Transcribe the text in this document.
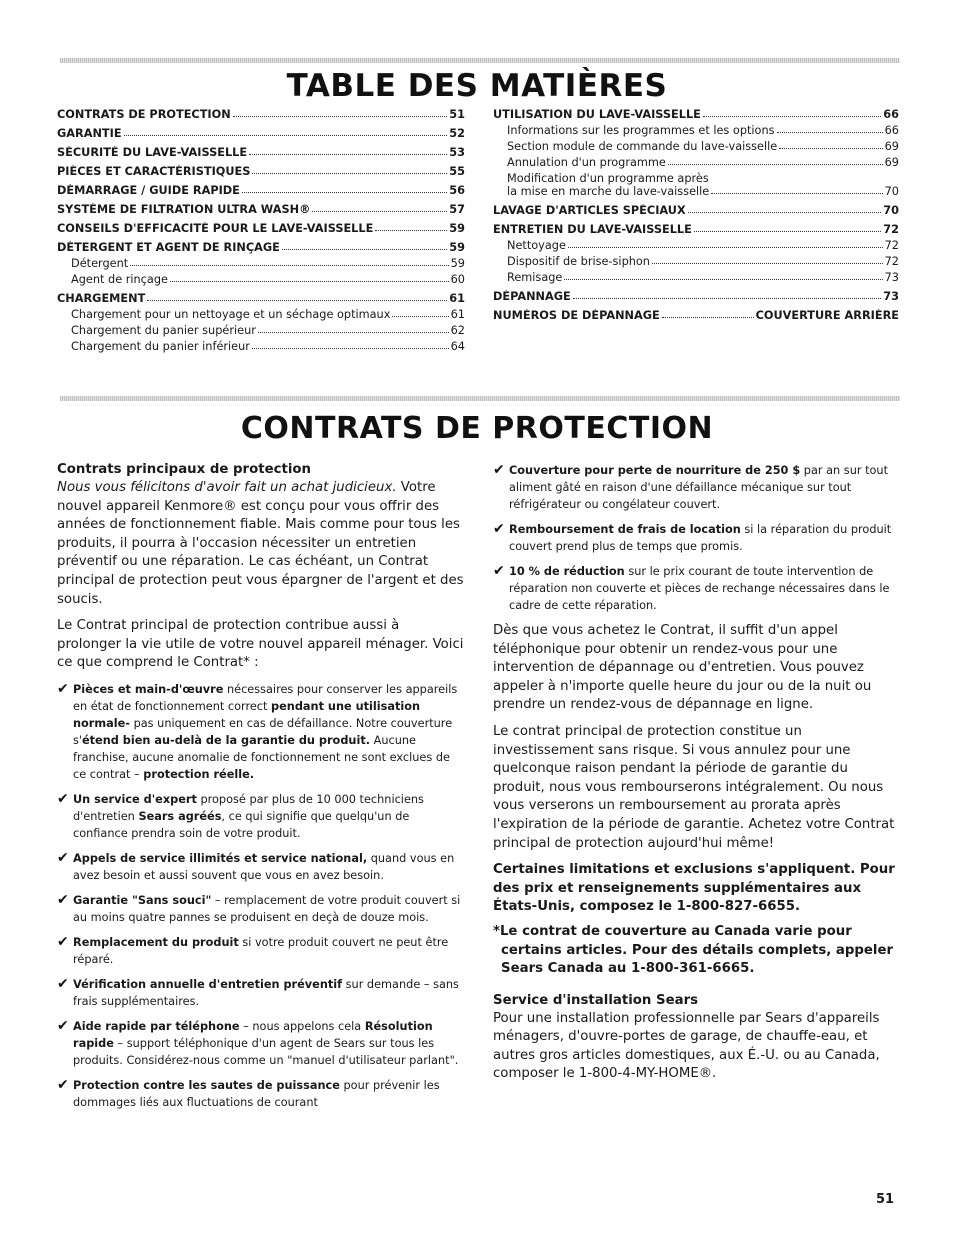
TABLE DES MATIÈRES
CONTRATS DE PROTECTION	51
GARANTIE	52
SÉCURITÉ DU LAVE-VAISSELLE	53
PIÈCES ET CARACTÉRISTIQUES	55
DÉMARRAGE / GUIDE RAPIDE	56
SYSTÈME DE FILTRATION ULTRA WASH®	57
CONSEILS D'EFFICACITÉ POUR LE LAVE-VAISSELLE	59
DÉTERGENT ET AGENT DE RINÇAGE	59
Détergent	59
Agent de rinçage	60
CHARGEMENT	61
Chargement pour un nettoyage et un séchage optimaux	61
Chargement du panier supérieur	62
Chargement du panier inférieur	64
UTILISATION DU LAVE-VAISSELLE	66
Informations sur les programmes et les options	66
Section module de commande du lave-vaisselle	69
Annulation d'un programme	69
Modification d'un programme après
la mise en marche du lave-vaisselle	70
LAVAGE D'ARTICLES SPÉCIAUX	70
ENTRETIEN DU LAVE-VAISSELLE	72
Nettoyage	72
Dispositif de brise-siphon	72
Remisage	73
DÉPANNAGE	73
NUMÉROS DE DÉPANNAGE	COUVERTURE ARRIÈRE
CONTRATS DE PROTECTION
Contrats principaux de protection

Nous vous félicitons d'avoir fait un achat judicieux. Votre nouvel appareil Kenmore® est conçu pour vous offrir des années de fonctionnement fiable. Mais comme pour tous les produits, il pourra à l'occasion nécessiter un entretien préventif ou une réparation. Le cas échéant, un Contrat principal de protection peut vous épargner de l'argent et des soucis.

Le Contrat principal de protection contribue aussi à prolonger la vie utile de votre nouvel appareil ménager. Voici ce que comprend le Contrat* :

✔ Pièces et main-d'œuvre nécessaires pour conserver les appareils en état de fonctionnement correct pendant une utilisation normale- pas uniquement en cas de défaillance. Notre couverture s'étend bien au-delà de la garantie du produit. Aucune franchise, aucune anomalie de fonctionnement ne sont exclues de ce contrat – protection réelle.
✔ Un service d'expert proposé par plus de 10 000 techniciens d'entretien Sears agréés, ce qui signifie que quelqu'un de confiance prendra soin de votre produit.
✔ Appels de service illimités et service national, quand vous en avez besoin et aussi souvent que vous en avez besoin.
✔ Garantie "Sans souci" – remplacement de votre produit couvert si au moins quatre pannes se produisent en deçà de douze mois.
✔ Remplacement du produit si votre produit couvert ne peut être réparé.
✔ Vérification annuelle d'entretien préventif sur demande – sans frais supplémentaires.
✔ Aide rapide par téléphone – nous appelons cela Résolution rapide – support téléphonique d'un agent de Sears sur tous les produits. Considérez-nous comme un "manuel d'utilisateur parlant".
✔ Protection contre les sautes de puissance pour prévenir les dommages liés aux fluctuations de courant
✔ Couverture pour perte de nourriture de 250 $ par an sur tout aliment gâté en raison d'une défaillance mécanique sur tout réfrigérateur ou congélateur couvert.
✔ Remboursement de frais de location si la réparation du produit couvert prend plus de temps que promis.
✔ 10 % de réduction sur le prix courant de toute intervention de réparation non couverte et pièces de rechange nécessaires dans le cadre de cette réparation.

Dès que vous achetez le Contrat, il suffit d'un appel téléphonique pour obtenir un rendez-vous pour une intervention de dépannage ou d'entretien. Vous pouvez appeler à n'importe quelle heure du jour ou de la nuit ou prendre un rendez-vous de dépannage en ligne.

Le contrat principal de protection constitue un investissement sans risque. Si vous annulez pour une quelconque raison pendant la période de garantie du produit, nous vous rembourserons intégralement. Ou nous vous verserons un remboursement au prorata après l'expiration de la période de garantie. Achetez votre Contrat principal de protection aujourd'hui même!

Certaines limitations et exclusions s'appliquent. Pour des prix et renseignements supplémentaires aux États-Unis, composez le 1-800-827-6655.

*Le contrat de couverture au Canada varie pour certains articles. Pour des détails complets, appeler Sears Canada au 1-800-361-6665.

Service d'installation Sears

Pour une installation professionnelle par Sears d'appareils ménagers, d'ouvre-portes de garage, de chauffe-eau, et autres gros articles domestiques, aux É.-U. ou au Canada, composer le 1-800-4-MY-HOME®.

51
